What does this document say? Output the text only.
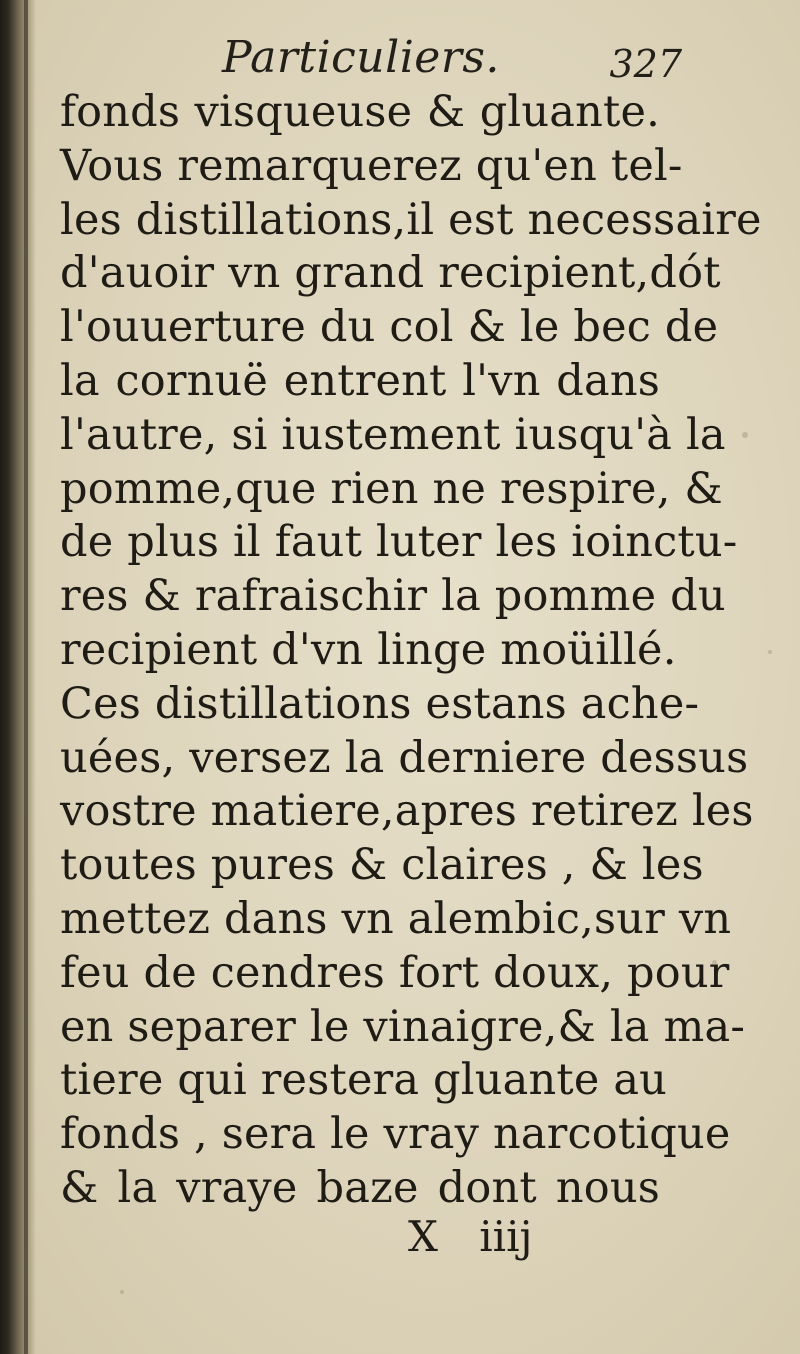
Particuliers.	327
fonds visqueuse & gluante.
Vous remarquerez qu'en tel-
les distillations,il est necessaire
d'auoir vn grand recipient,dót
l'ouuerture du col & le bec de
la cornuë entrent l'vn dans
l'autre, si iustement iusqu'à la
pomme,que rien ne respire, &
de plus il faut luter les ioinctu-
res & rafraischir la pomme du
recipient d'vn linge moüillé.
Ces distillations estans ache-
uées, versez la derniere dessus
vostre matiere,apres retirez les
toutes pures & claires , & les
mettez dans vn alembic,sur vn
feu de cendres fort doux, pour
en separer le vinaigre,& la ma-
tiere qui restera gluante au
fonds , sera le vray narcotique
& la vraye baze dont nous
X iiij
